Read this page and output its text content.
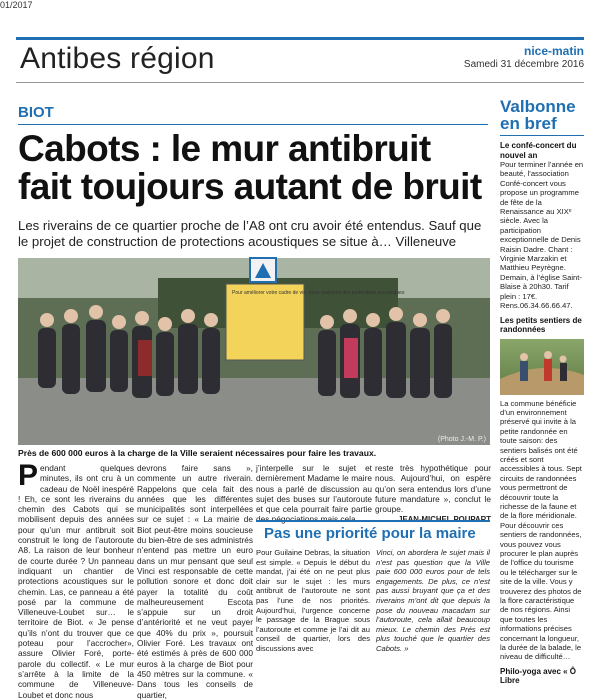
01/2017
Antibes région	nice-matin
Samedi 31 décembre 2016
BIOT
Cabots : le mur antibruit fait toujours autant de bruit

Les riverains de ce quartier proche de l’A8 ont cru avoir été entendus. Sauf que le projet de construction de protections acoustiques se situe à… Villeneuve

Pour améliorer votre cadre de vie, nous réalisons des protections acoustiques
(Photo J.-M. P.)
Près de 600 000 euros à la charge de la Ville seraient nécessaires pour faire les travaux.
P endant quelques minutes, ils ont cru à un cadeau de Noël inespéré ! Eh, ce sont les riverains du chemin des Cabots qui se mobilisent depuis des années pour qu’un mur antibruit soit construit le long de l’autoroute A8. La raison de leur bonheur de courte durée ? Un panneau indiquant un chantier de protections acoustiques sur le chemin. Las, ce panneau a été posé par la commune de Villeneuve-Loubet sur… le territoire de Biot. « Je pense qu’ils n’ont du trouver que ce poteau pour l’accrocher», assure Olivier Foré, porte-parole du collectif. « Le mur s’arrête à la limite de la commune de Villeneuve-Loubet et donc nous
devrons faire sans », commente un autre riverain. Rappelons que cela fait des années que les différentes municipalités sont interpellées sur ce sujet : « La mairie de Biot peut-être moins soucieuse du bien-être de ses administrés n’entend pas mettre un euro dans un mur pensant que seul Vinci est responsable de cette pollution sonore et donc doit payer la totalité du coût malheureusement Escota s’appuie sur un droit d’antériorité et ne veut payer que 40% du prix », poursuit Olivier Foré. Les travaux ont été estimés à près de 600 000 euros à la charge de Biot pour 450 mètres sur la commune. « Dans tous les conseils de quartier,
j’interpelle sur le sujet et dernièrement Madame le maire nous a parlé de discussion au sujet des buses sur l’autoroute et que cela pourrait faire partie des négociations mais cela
reste très hypothétique pour nous. Aujourd’hui, on espère qu’on sera entendus lors d’une future mandature », conclut le groupe.
JEAN-MICHEL POUPART
Pas une priorité pour la maire
Pour Guilaine Debras, la situation est simple. « Depuis le début du mandat, j’ai été on ne peut plus clair sur le sujet : les murs antibruit de l’autoroute ne sont pas l’une de nos priorités. Aujourd’hui, l’urgence concerne le passage de la Brague sous l’autoroute et comme je l’ai dit au conseil de quartier, lors des discussions avec
Vinci, on abordera le sujet mais il n’est pas question que la Ville paie 600 000 euros pour de tels engagements. De plus, ce n’est pas aussi bruyant que ça et des riverains m’ont dit que depuis la pose du nouveau macadam sur l’autoroute, cela allait beaucoup mieux. Le chemin des Prés est plus touché que le quartier des Cabots. »
Valbonne en bref
Le confé-concert du nouvel an
Pour terminer l’année en beauté, l’association Confé-concert vous propose un programme de fête de la Renaissance au XIXᵉ siècle. Avec la participation exceptionnelle de Denis Raisin Dadre. Chant : Virginie Marzakin et Matthieu Peyrègne. Demain, à l’église Saint-Blaise à 20h30. Tarif plein : 17€. Rens.06.34.66.66.47.
Les petits sentiers de randonnées
La commune bénéficie d’un environnement préservé qui invite à la petite randonnée en toute saison: des sentiers balisés ont été créés et sont accessibles à tous. Sept circuits de randonnées vous permettront de découvrir toute la richesse de la faune et de la flore méridionale. Pour découvrir ces sentiers de randonnées, vous pouvez vous procurer le plan auprès de l’office du tourisme ou le télécharger sur le site de la ville. Vous y trouverez des photos de la flore caractéristique de nos régions. Ainsi que toutes les informations précises concernant la longueur, la durée de la balade, le niveau de difficulté…
Philo-yoga avec « Ô Libre
